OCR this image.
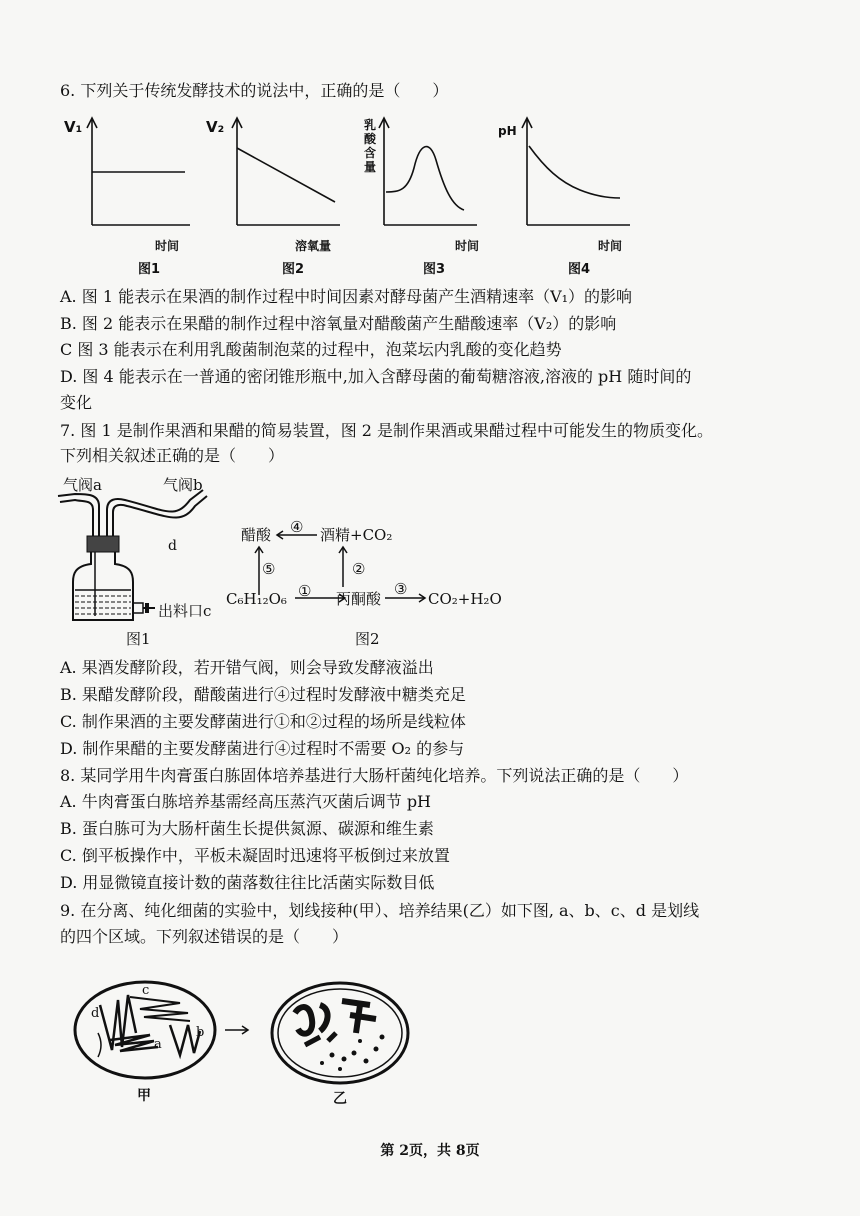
6. 下列关于传统发酵技术的说法中，正确的是（　　）
V₁
时间
图1
V₂
溶氧量
图2
乳酸含量
时间
图3
pH
时间
图4
A. 图 1 能表示在果酒的制作过程中时间因素对酵母菌产生酒精速率（V₁）的影响
B. 图 2 能表示在果醋的制作过程中溶氧量对醋酸菌产生醋酸速率（V₂）的影响
C 图 3 能表示在利用乳酸菌制泡菜的过程中，泡菜坛内乳酸的变化趋势
D. 图 4 能表示在一普通的密闭锥形瓶中,加入含酵母菌的葡萄糖溶液,溶液的 pH 随时间的
变化
7. 图 1 是制作果酒和果醋的简易装置，图 2 是制作果酒或果醋过程中可能发生的物质变化。
下列相关叙述正确的是（　　）
气阀a	气阀b
d
出料口c
图1
醋酸	酒精+CO₂
④
⑤	②
C₆H₁₂O₆ ① 丙酮酸
③
CO₂+H₂O
图2
A. 果酒发酵阶段，若开错气阀，则会导致发酵液溢出
B. 果醋发酵阶段，醋酸菌进行④过程时发酵液中糖类充足
C. 制作果酒的主要发酵菌进行①和②过程的场所是线粒体
D. 制作果醋的主要发酵菌进行④过程时不需要 O₂ 的参与
8. 某同学用牛肉膏蛋白胨固体培养基进行大肠杆菌纯化培养。下列说法正确的是（　　）
A. 牛肉膏蛋白胨培养基需经高压蒸汽灭菌后调节 pH
B. 蛋白胨可为大肠杆菌生长提供氮源、碳源和维生素
C. 倒平板操作中，平板未凝固时迅速将平板倒过来放置
D. 用显微镜直接计数的菌落数往往比活菌实际数目低
9. 在分离、纯化细菌的实验中，划线接种(甲）、培养结果(乙）如下图, a、b、c、d 是划线
的四个区域。下列叙述错误的是（　　）
c
d
b
a
甲	乙
第 2页，共 8页
